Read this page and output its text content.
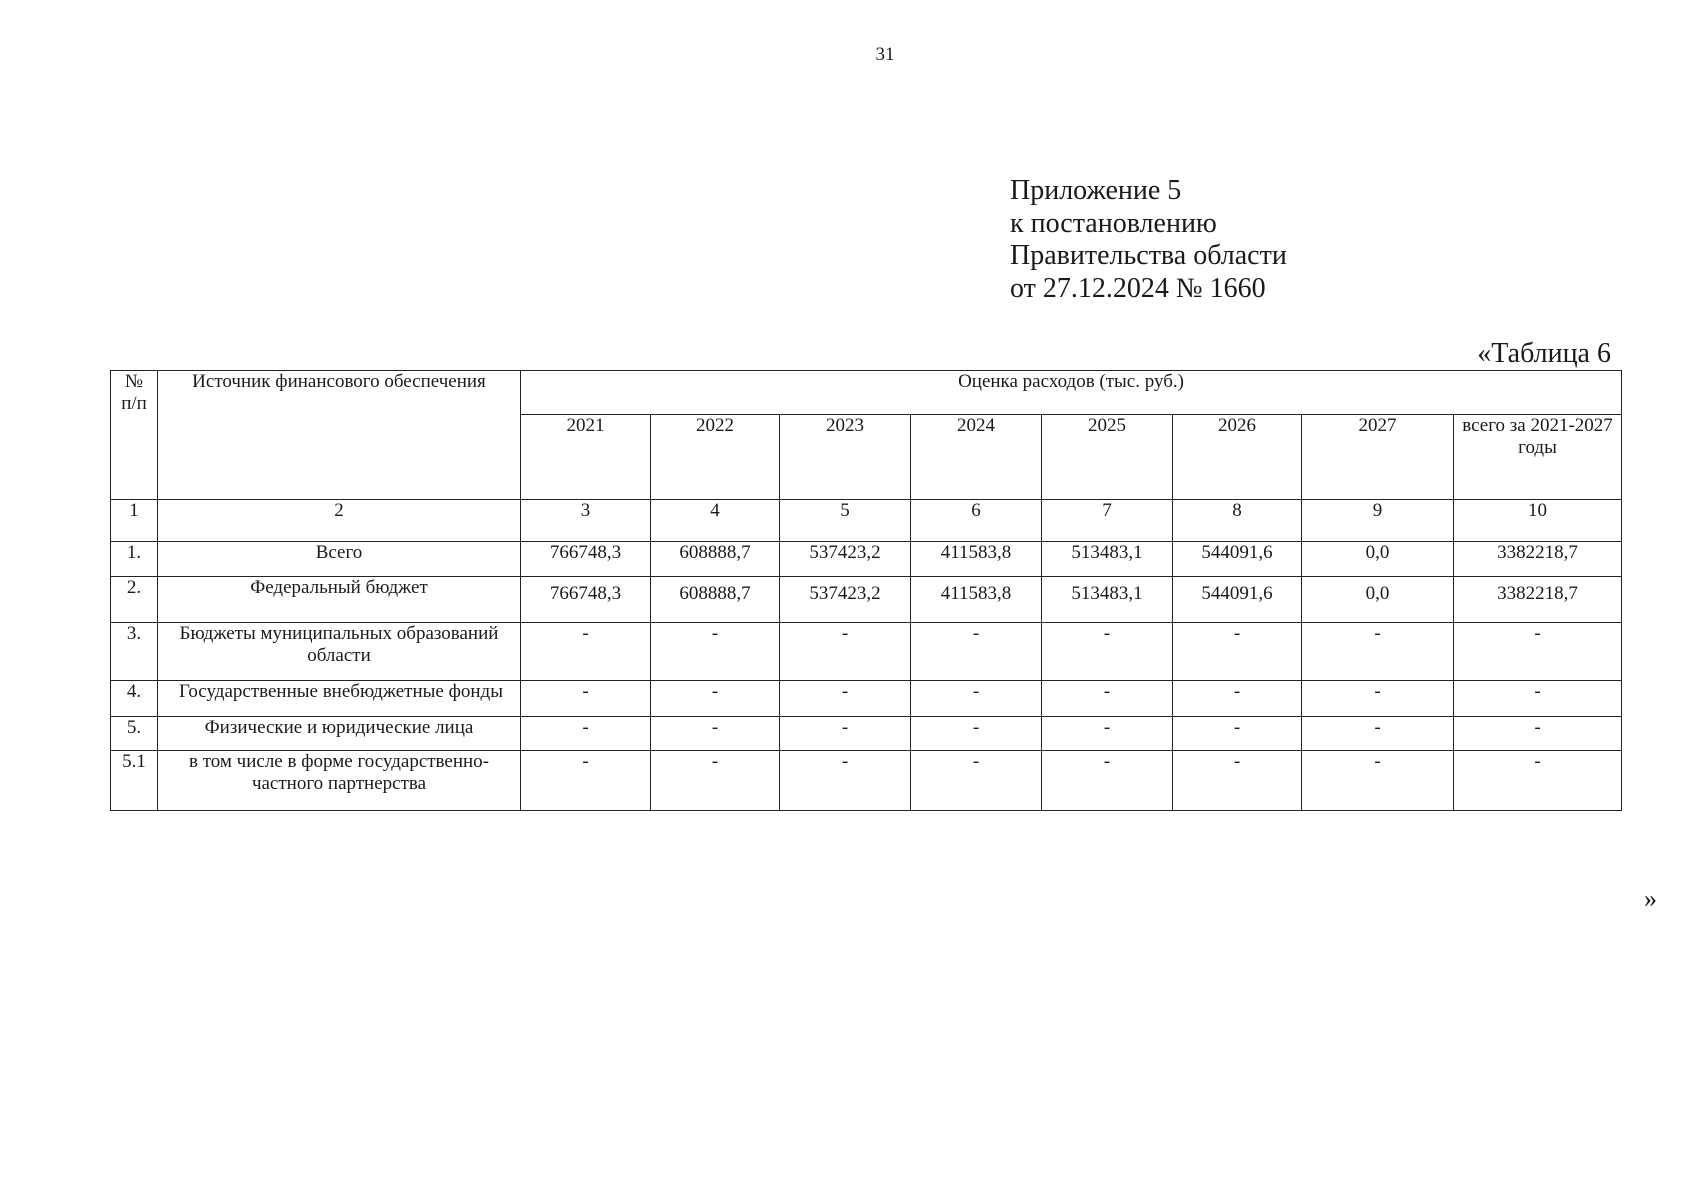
31
Приложение 5
к постановлению
Правительства области
от 27.12.2024 № 1660
«Таблица 6
№ п/п	Источник финансового обеспечения	Оценка расходов (тыс. руб.)							
		2021	2022	2023	2024	2025	2026	2027	всего за 2021-2027 годы
1	2	3	4	5	6	7	8	9	10
1.	Всего	766748,3	608888,7	537423,2	411583,8	513483,1	544091,6	0,0	3382218,7
2.	Федеральный бюджет	766748,3	608888,7	537423,2	411583,8	513483,1	544091,6	0,0	3382218,7
3.	Бюджеты муниципальных образований области	-	-	-	-	-	-	-	-
4.	Государственные внебюджетные фонды	-	-	-	-	-	-	-	-
5.	Физические и юридические лица	-	-	-	-	-	-	-	-
5.1	в том числе в форме государственно-частного партнерства	-	-	-	-	-	-	-	-
»
